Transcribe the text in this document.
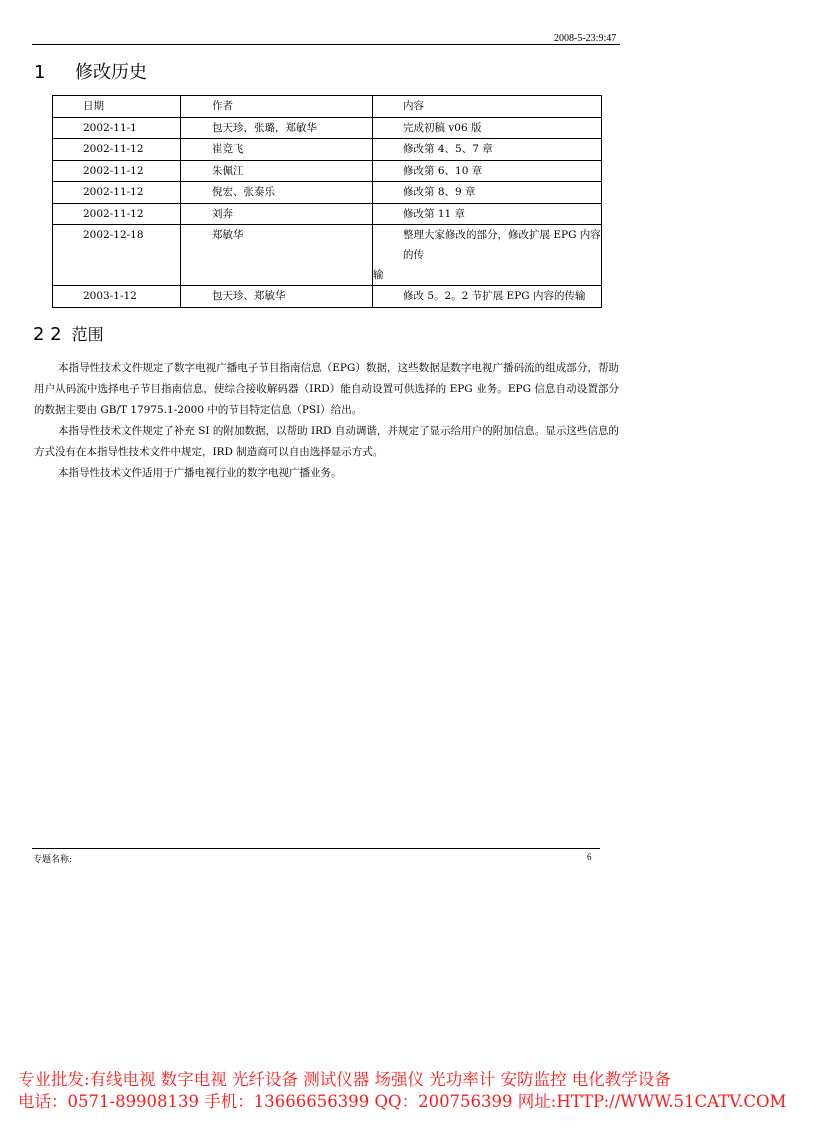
2008-5-23:9:47
1 修改历史
日期	作者	内容
2002-11-1	包天珍，张璐，郑敏华	完成初稿 v06 版
2002-11-12	崔竞飞	修改第 4、5、7 章
2002-11-12	朱佩江	修改第 6、10 章
2002-11-12	倪宏、张泰乐	修改第 8、9 章
2002-11-12	刘奔	修改第 11 章
2002-12-18	郑敏华	整理大家修改的部分，修改扩展 EPG 内容的传
输

2003-1-12	包天珍、郑敏华	修改 5。2。2 节扩展 EPG 内容的传输
2 2 范围

本指导性技术文件规定了数字电视广播电子节目指南信息（EPG）数据，这些数据是数字电视广播码流的组成部分，帮助用户从码流中选择电子节目指南信息，使综合接收解码器（IRD）能自动设置可供选择的 EPG 业务。EPG 信息自动设置部分的数据主要由 GB/T 17975.1-2000 中的节目特定信息（PSI）给出。

本指导性技术文件规定了补充 SI 的附加数据，以帮助 IRD 自动调谐，并规定了显示给用户的附加信息。显示这些信息的方式没有在本指导性技术文件中规定，IRD 制造商可以自由选择显示方式。

本指导性技术文件适用于广播电视行业的数字电视广播业务。

专题名称:	6
专业批发:有线电视 数字电视 光纤设备 测试仪器 场强仪 光功率计 安防监控 电化教学设备
电话：0571-89908139 手机：13666656399 QQ：200756399 网址:HTTP://WWW.51CATV.COM
